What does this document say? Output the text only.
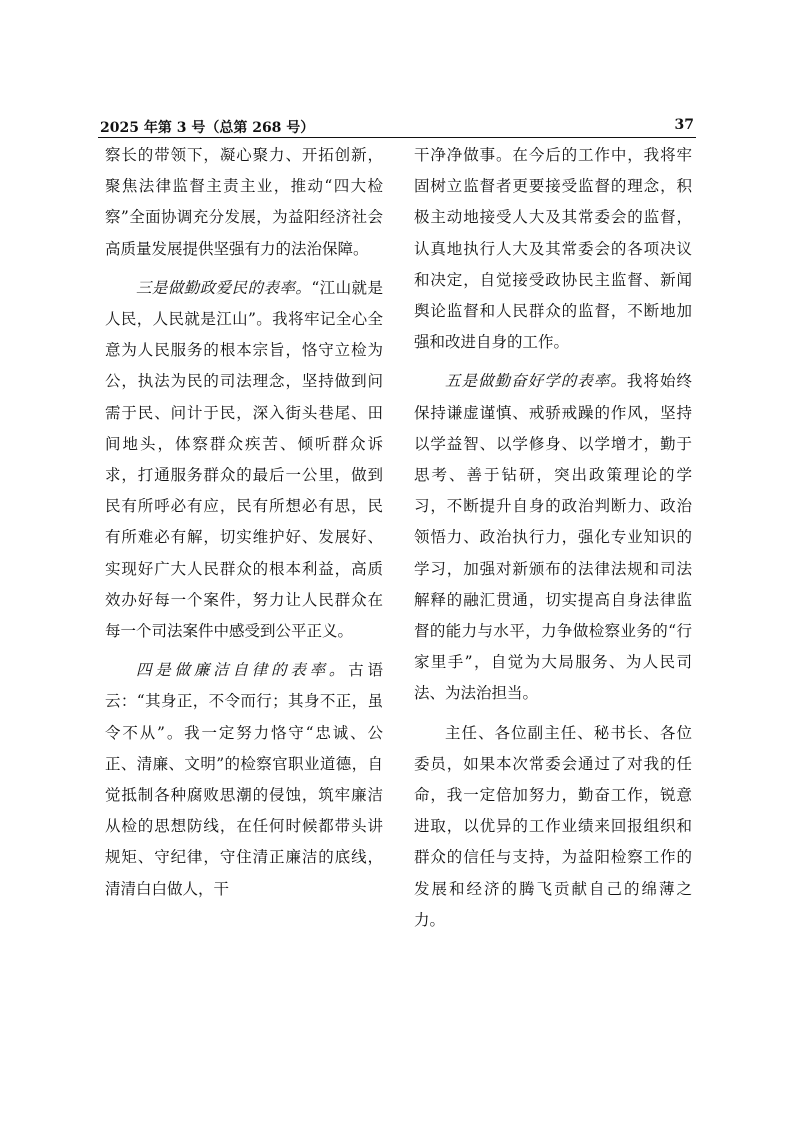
2025 年第 3 号（总第 268 号）	37

察长的带领下，凝心聚力、开拓创新，聚焦法律监督主责主业，推动“四大检察”全面协调充分发展，为益阳经济社会高质量发展提供坚强有力的法治保障。

三是做勤政爱民的表率。“江山就是人民，人民就是江山”。我将牢记全心全意为人民服务的根本宗旨，恪守立检为公，执法为民的司法理念，坚持做到问需于民、问计于民，深入街头巷尾、田间地头，体察群众疾苦、倾听群众诉求，打通服务群众的最后一公里，做到民有所呼必有应，民有所想必有思，民有所难必有解，切实维护好、发展好、实现好广大人民群众的根本利益，高质效办好每一个案件，努力让人民群众在每一个司法案件中感受到公平正义。

四是做廉洁自律的表率。古语云：“其身正，不令而行；其身不正，虽令不从”。我一定努力恪守“忠诚、公正、清廉、文明”的检察官职业道德，自觉抵制各种腐败思潮的侵蚀，筑牢廉洁从检的思想防线，在任何时候都带头讲规矩、守纪律，守住清正廉洁的底线，清清白白做人，干

干净净做事。在今后的工作中，我将牢固树立监督者更要接受监督的理念，积极主动地接受人大及其常委会的监督，认真地执行人大及其常委会的各项决议和决定，自觉接受政协民主监督、新闻舆论监督和人民群众的监督，不断地加强和改进自身的工作。

五是做勤奋好学的表率。我将始终保持谦虚谨慎、戒骄戒躁的作风，坚持以学益智、以学修身、以学增才，勤于思考、善于钻研，突出政策理论的学习，不断提升自身的政治判断力、政治领悟力、政治执行力，强化专业知识的学习，加强对新颁布的法律法规和司法解释的融汇贯通，切实提高自身法律监督的能力与水平，力争做检察业务的“行家里手”，自觉为大局服务、为人民司法、为法治担当。

主任、各位副主任、秘书长、各位委员，如果本次常委会通过了对我的任命，我一定倍加努力，勤奋工作，锐意进取，以优异的工作业绩来回报组织和群众的信任与支持，为益阳检察工作的发展和经济的腾飞贡献自己的绵薄之力。
